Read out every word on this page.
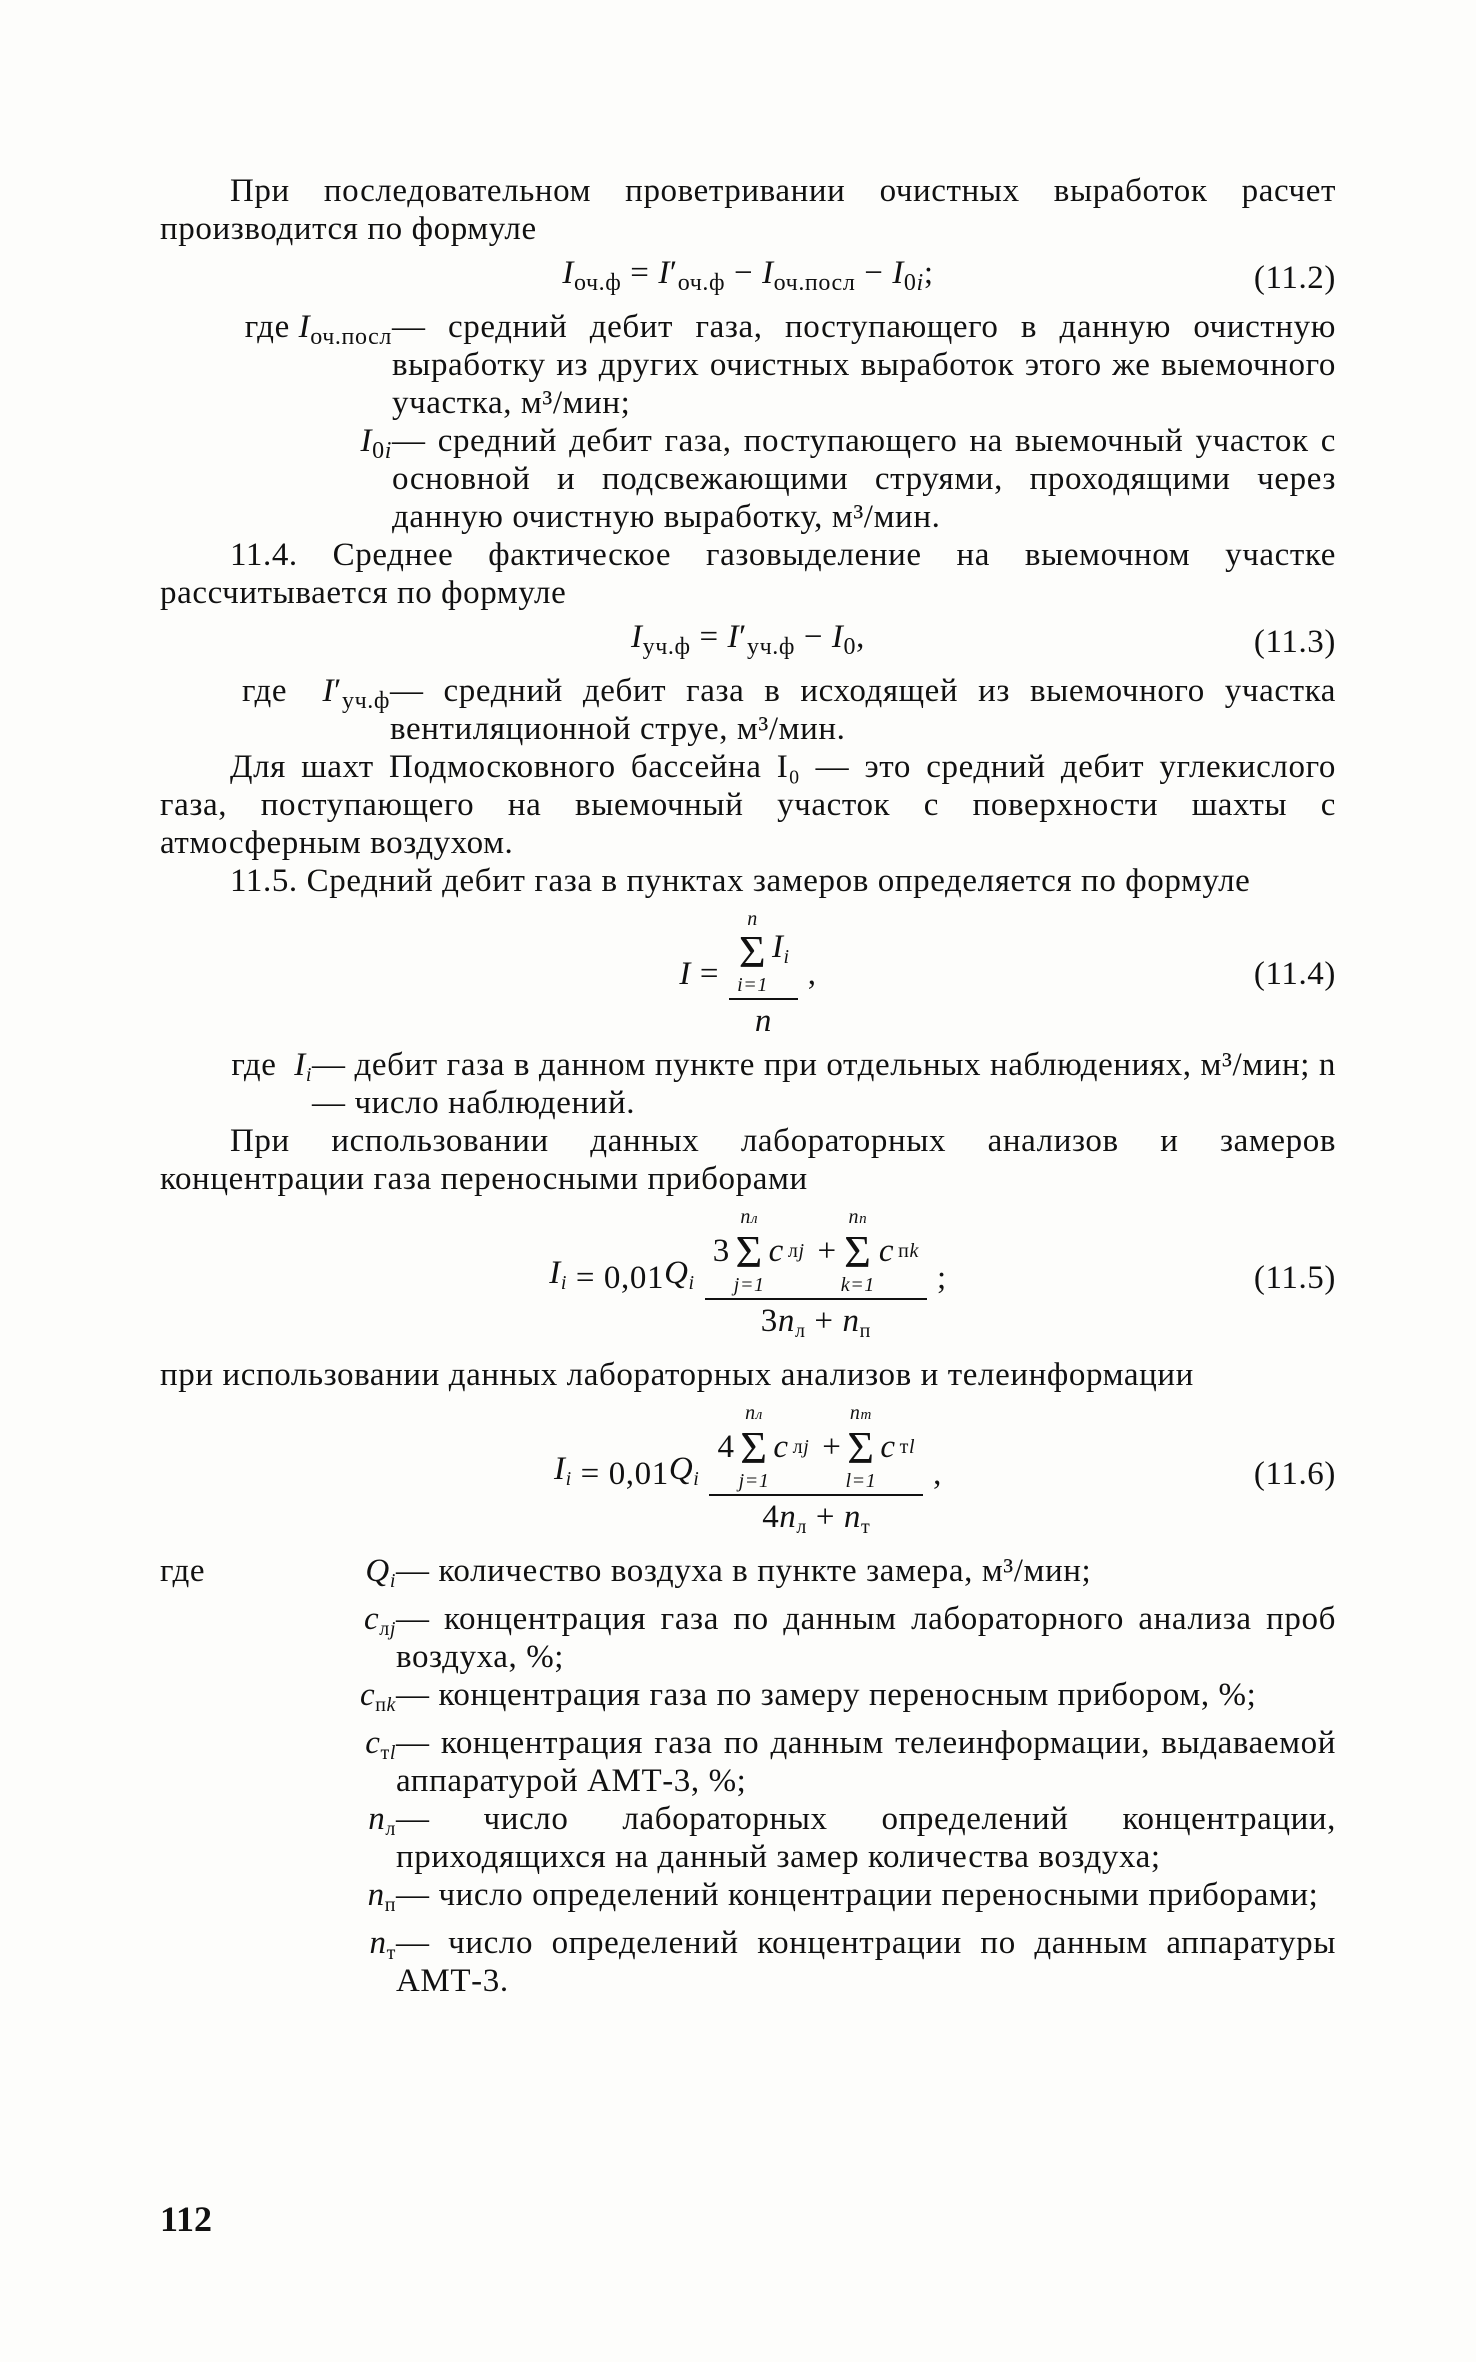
При последовательном проветривании очистных выработок расчет производится по формуле

$I_{оч.ф} = I'_{оч.ф} - I_{оч.посл} - I_{0i}$;	(11.2)
где $I_{оч.посл}$ — средний дебит газа, поступающего в данную очистную выработку из других очистных выработок этого же выемочного участка, м³/мин;
$I_{0i}$ — средний дебит газа, поступающего на выемочный участок с основной и подсвежающими струями, проходящими через данную очистную выработку, м³/мин.

11.4. Среднее фактическое газовыделение на выемочном участке рассчитывается по формуле

$I_{уч.ф} = I'_{уч.ф} - I_0$,	(11.3)
где    $I'_{уч.ф}$ — средний дебит газа в исходящей из выемочного участка вентиляционной струе, м³/мин.

Для шахт Подмосковного бассейна I₀ — это средний дебит углекислого газа, поступающего на выемочный участок с поверхности шахты с атмосферным воздухом.

11.5. Средний дебит газа в пунктах замеров определяется по формуле

I = n
Σ
i=1
Ii
n ,	(11.4)
где  Ii — дебит газа в данном пункте при отдельных наблюдениях, м³/мин; n — число наблюдений.

При использовании данных лабораторных анализов и замеров концентрации газа переносными приборами

Ii = 0,01 Qi 3
nл
Σ
j=1
c лj +
nп
Σ
k=1
c пk
3nл + nп ;	(11.5)

при использовании данных лабораторных анализов и телеинформации

Ii = 0,01 Qi 4
nл
Σ
j=1
c лj +
nт
Σ
l=1
c тl
4nл + nт ,	(11.6)
где	Qi — количество воздуха в пункте замера, м³/мин;
cлj — концентрация газа по данным лабораторного анализа проб воздуха, %;
cпk — концентрация газа по замеру переносным прибором, %;
cтl — концентрация газа по данным телеинформации, выдаваемой аппаратурой АМТ-3, %;
nл — число лабораторных определений концентрации, приходящихся на данный замер количества воздуха;
nп — число определений концентрации переносными приборами;
nт — число определений концентрации по данным аппаратуры АМТ-3.
112
